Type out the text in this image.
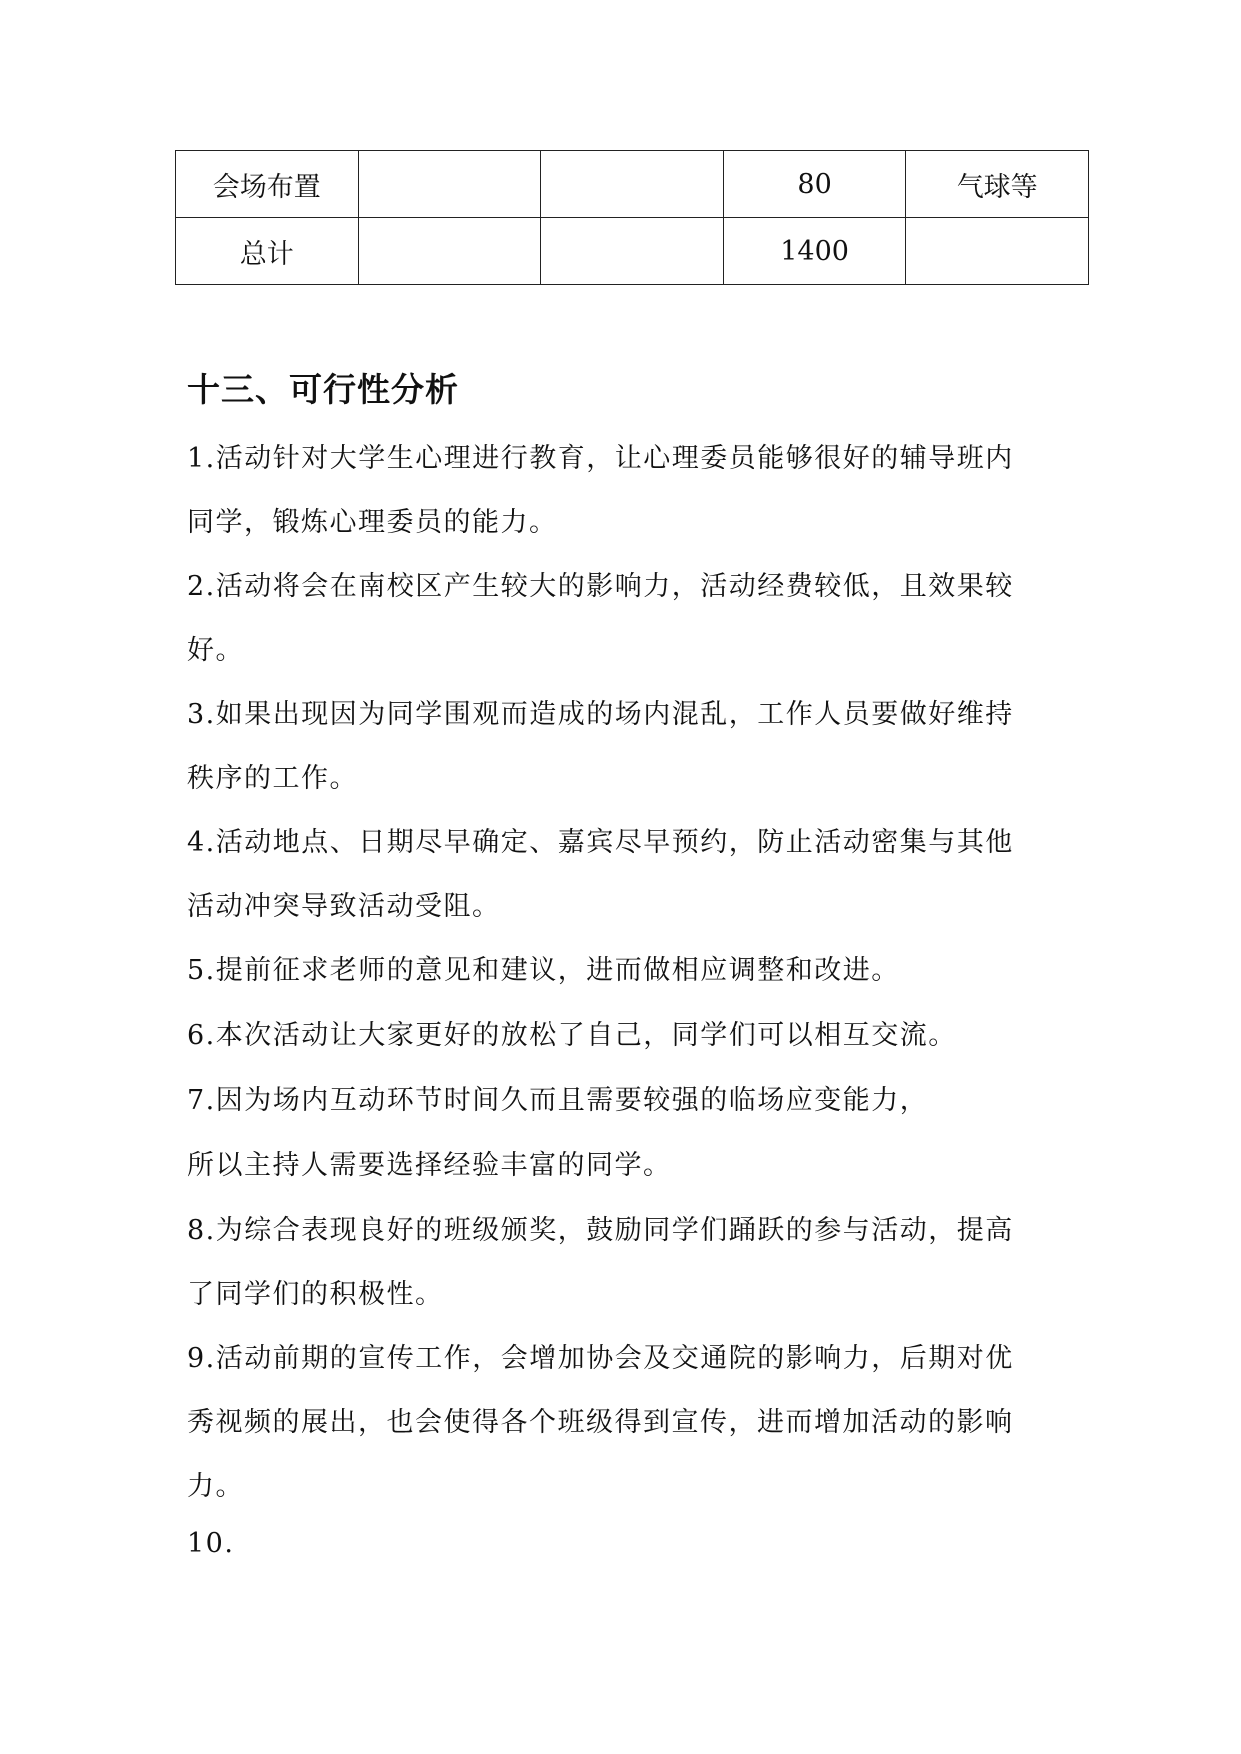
会场布置			80	气球等
总计			1400	
十三、可行性分析

1.活动针对大学生心理进行教育，让心理委员能够很好的辅导班内

同学，锻炼心理委员的能力。

2.活动将会在南校区产生较大的影响力，活动经费较低，且效果较

好。

3.如果出现因为同学围观而造成的场内混乱，工作人员要做好维持

秩序的工作。

4.活动地点、日期尽早确定、嘉宾尽早预约，防止活动密集与其他

活动冲突导致活动受阻。

5.提前征求老师的意见和建议，进而做相应调整和改进。

6.本次活动让大家更好的放松了自己，同学们可以相互交流。

7.因为场内互动环节时间久而且需要较强的临场应变能力，

所以主持人需要选择经验丰富的同学。

8.为综合表现良好的班级颁奖，鼓励同学们踊跃的参与活动，提高

了同学们的积极性。

9.活动前期的宣传工作，会增加协会及交通院的影响力，后期对优

秀视频的展出，也会使得各个班级得到宣传，进而增加活动的影响

力。

10.
